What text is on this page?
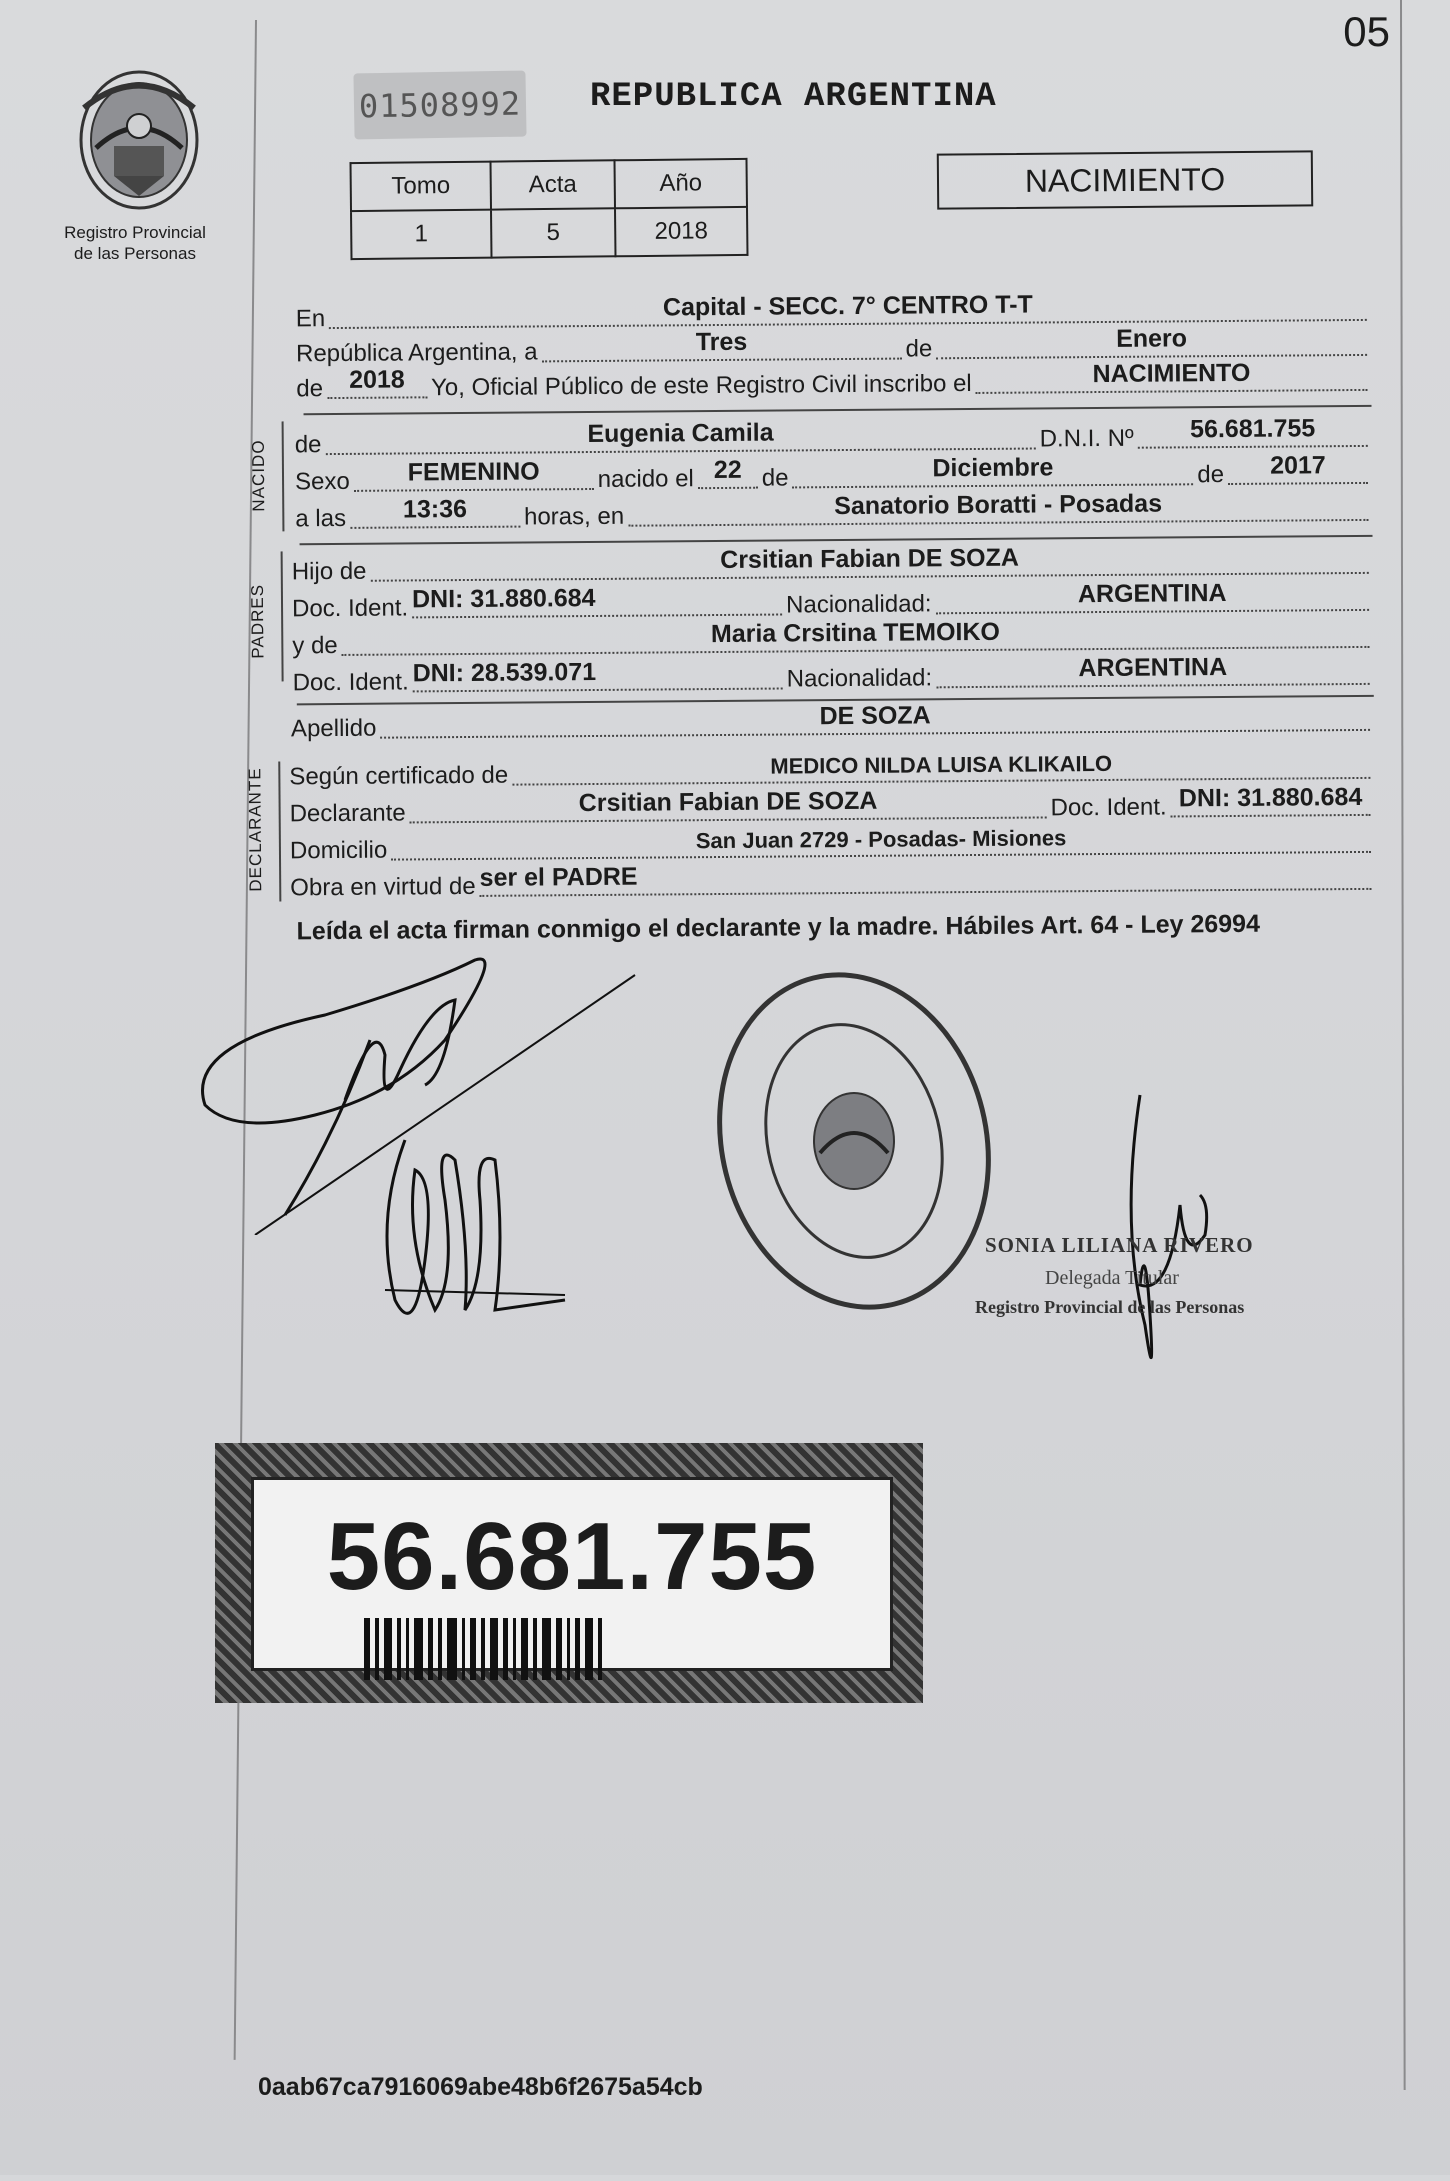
05
Registro Provincial
de las Personas
01508992 REPUBLICA ARGENTINA
Tomo	Acta	Año
1	5	2018
NACIMIENTO
En	Capital - SECC. 7° CENTRO T-T
República Argentina, a	Tres	de	Enero
de	2018	Yo, Oficial Público de este Registro Civil inscribo el	NACIMIENTO
NACIDO de	Eugenia Camila	D.N.I. Nº	56.681.755
Sexo	FEMENINO	nacido el 22 de	Diciembre	de	2017
a las	13:36	horas, en	Sanatorio Boratti - Posadas
PADRES
Hijo de	Crsitian Fabian DE SOZA
Doc. Ident. DNI: 31.880.684	Nacionalidad:	ARGENTINA
y de	Maria Crsitina TEMOIKO
Doc. Ident. DNI: 28.539.071	Nacionalidad:	ARGENTINA
Apellido	DE SOZA
DECLARANTE Según certificado de	MEDICO NILDA LUISA KLIKAILO
Declarante	Crsitian Fabian DE SOZA	Doc. Ident. DNI: 31.880.684
Domicilio	San Juan 2729 - Posadas- Misiones
Obra en virtud de ser el PADRE
Leída el acta firman conmigo el declarante y la madre. Hábiles Art. 64 - Ley 26994
SONIA LILIANA RIVERO
Delegada Titular
Registro Provincial de las Personas
56.681.755
0aab67ca7916069abe48b6f2675a54cb
